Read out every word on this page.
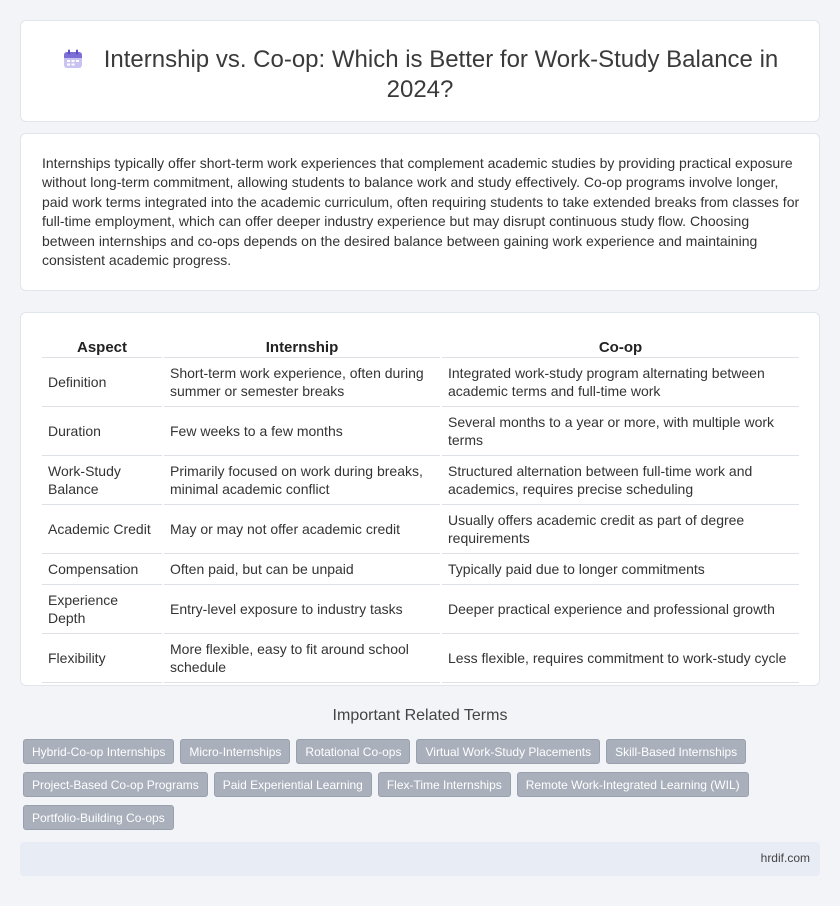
Internship vs. Co-op: Which is Better for Work-Study Balance in 2024?

Internships typically offer short-term work experiences that complement academic studies by providing practical exposure without long-term commitment, allowing students to balance work and study effectively. Co-op programs involve longer, paid work terms integrated into the academic curriculum, often requiring students to take extended breaks from classes for full-time employment, which can offer deeper industry experience but may disrupt continuous study flow. Choosing between internships and co-ops depends on the desired balance between gaining work experience and maintaining consistent academic progress.

Aspect		Internship		Co-op
Definition		Short-term work experience, often during summer or semester breaks		Integrated work-study program alternating between academic terms and full-time work
Duration		Few weeks to a few months		Several months to a year or more, with multiple work terms
Work-Study Balance		Primarily focused on work during breaks, minimal academic conflict		Structured alternation between full-time work and academics, requires precise scheduling
Academic Credit		May or may not offer academic credit		Usually offers academic credit as part of degree requirements
Compensation		Often paid, but can be unpaid		Typically paid due to longer commitments
Experience Depth		Entry-level exposure to industry tasks		Deeper practical experience and professional growth
Flexibility		More flexible, easy to fit around school schedule		Less flexible, requires commitment to work-study cycle
Important Related Terms
Hybrid-Co-op Internships	Micro-Internships	Rotational Co-ops	Virtual Work-Study Placements	Skill-Based Internships
Project-Based Co-op Programs	Paid Experiential Learning	Flex-Time Internships	Remote Work-Integrated Learning (WIL)
Portfolio-Building Co-ops
hrdif.com
